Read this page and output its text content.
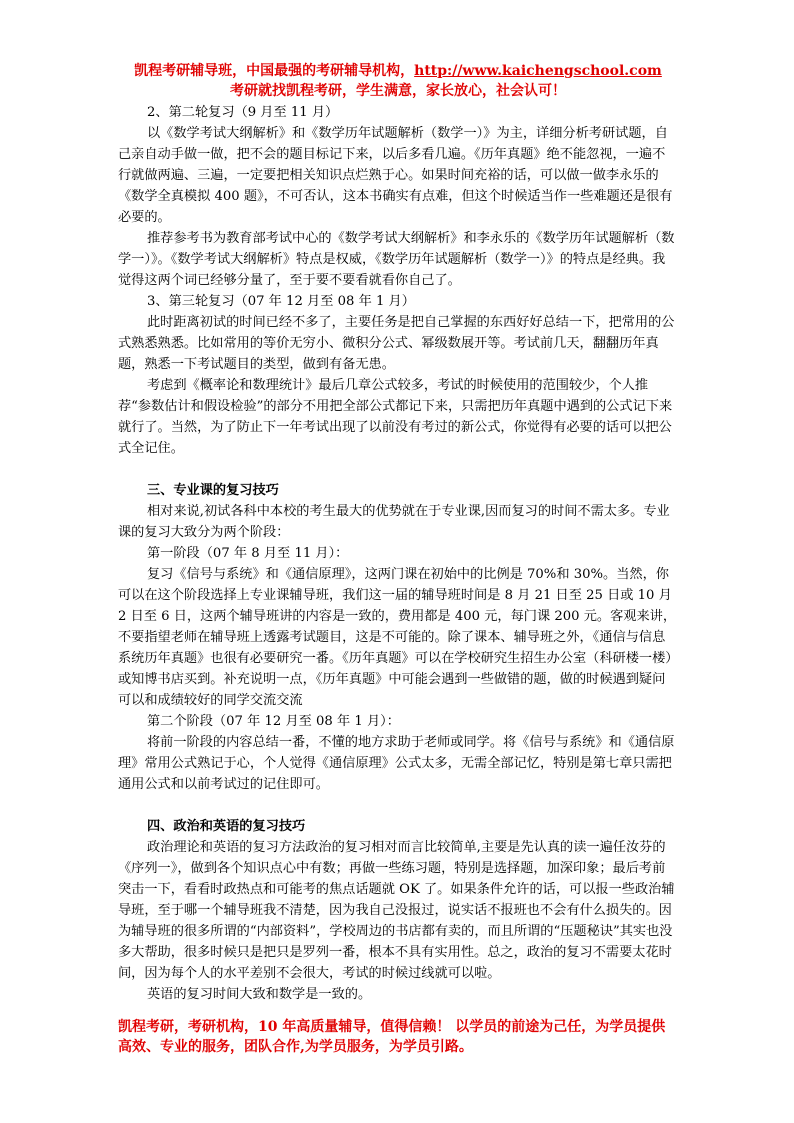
凯程考研辅导班，中国最强的考研辅导机构，http://www.kaichengschool.com
考研就找凯程考研，学生满意，家长放心，社会认可！

2、第二轮复习（9 月至 11 月）

以《数学考试大纲解析》和《数学历年试题解析（数学一）》为主，详细分析考研试题，自己亲自动手做一做，把不会的题目标记下来，以后多看几遍。《历年真题》绝不能忽视，一遍不行就做两遍、三遍，一定要把相关知识点烂熟于心。如果时间充裕的话，可以做一做李永乐的《数学全真模拟 400 题》，不可否认，这本书确实有点难，但这个时候适当作一些难题还是很有必要的。

推荐参考书为教育部考试中心的《数学考试大纲解析》和李永乐的《数学历年试题解析（数学一）》。《数学考试大纲解析》特点是权威，《数学历年试题解析（数学一）》的特点是经典。我觉得这两个词已经够分量了，至于要不要看就看你自己了。

3、第三轮复习（07 年 12 月至 08 年 1 月）

此时距离初试的时间已经不多了，主要任务是把自己掌握的东西好好总结一下，把常用的公式熟悉熟悉。比如常用的等价无穷小、微积分公式、幂级数展开等。考试前几天，翻翻历年真题，熟悉一下考试题目的类型，做到有备无患。

考虑到《概率论和数理统计》最后几章公式较多，考试的时候使用的范围较少，个人推荐“参数估计和假设检验”的部分不用把全部公式都记下来，只需把历年真题中遇到的公式记下来就行了。当然，为了防止下一年考试出现了以前没有考过的新公式，你觉得有必要的话可以把公式全记住。

三、专业课的复习技巧

相对来说,初试各科中本校的考生最大的优势就在于专业课,因而复习的时间不需太多。专业课的复习大致分为两个阶段：

第一阶段（07 年 8 月至 11 月）：

复习《信号与系统》和《通信原理》，这两门课在初始中的比例是 70%和 30%。当然，你可以在这个阶段选择上专业课辅导班，我们这一届的辅导班时间是 8 月 21 日至 25 日或 10 月 2 日至 6 日，这两个辅导班讲的内容是一致的，费用都是 400 元，每门课 200 元。客观来讲，不要指望老师在辅导班上透露考试题目，这是不可能的。除了课本、辅导班之外，《通信与信息系统历年真题》也很有必要研究一番。《历年真题》可以在学校研究生招生办公室（科研楼一楼）或知博书店买到。补充说明一点，《历年真题》中可能会遇到一些做错的题，做的时候遇到疑问可以和成绩较好的同学交流交流

第二个阶段（07 年 12 月至 08 年 1 月）：

将前一阶段的内容总结一番，不懂的地方求助于老师或同学。将《信号与系统》和《通信原理》常用公式熟记于心，个人觉得《通信原理》公式太多，无需全部记忆，特别是第七章只需把通用公式和以前考试过的记住即可。

四、政治和英语的复习技巧

政治理论和英语的复习方法政治的复习相对而言比较简单,主要是先认真的读一遍任汝芬的《序列一》，做到各个知识点心中有数；再做一些练习题，特别是选择题，加深印象；最后考前突击一下，看看时政热点和可能考的焦点话题就 OK 了。如果条件允许的话，可以报一些政治辅导班，至于哪一个辅导班我不清楚，因为我自己没报过，说实话不报班也不会有什么损失的。因为辅导班的很多所谓的“内部资料”，学校周边的书店都有卖的，而且所谓的“压题秘诀”其实也没多大帮助，很多时候只是把只是罗列一番，根本不具有实用性。总之，政治的复习不需要太花时间，因为每个人的水平差别不会很大，考试的时候过线就可以啦。

英语的复习时间大致和数学是一致的。

凯程考研，考研机构，10 年高质量辅导，值得信赖！ 以学员的前途为己任，为学员提供高效、专业的服务，团队合作,为学员服务，为学员引路。
